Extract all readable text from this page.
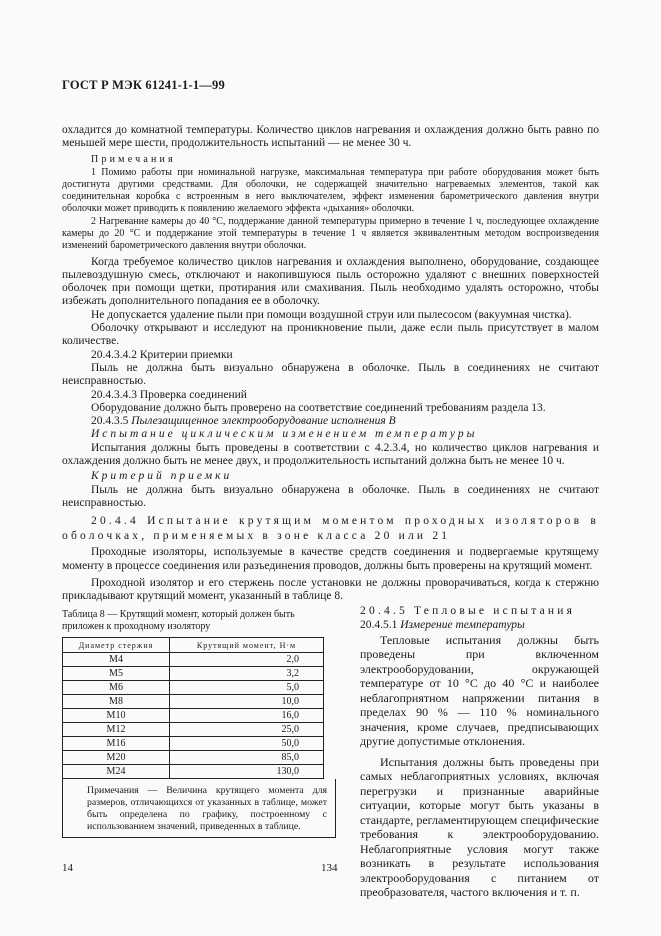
ГОСТ Р МЭК 61241-1-1—99

охладится до комнатной температуры. Количество циклов нагревания и охлаждения должно быть равно по меньшей мере шести, продолжительность испытаний — не менее 30 ч.

Примечания

1 Помимо работы при номинальной нагрузке, максимальная температура при работе оборудования может быть достигнута другими средствами. Для оболочки, не содержащей значительно нагреваемых элементов, такой как соединительная коробка с встроенным в него выключателем, эффект изменения барометрического давления внутри оболочки может приводить к появлению желаемого эффекта «дыхания» оболочки.

2 Нагревание камеры до 40 °С, поддержание данной температуры примерно в течение 1 ч, последующее охлаждение камеры до 20 °С и поддержание этой температуры в течение 1 ч является эквивалентным методом воспроизведения изменений барометрического давления внутри оболочки.

Когда требуемое количество циклов нагревания и охлаждения выполнено, оборудование, создающее пылевоздушную смесь, отключают и накопившуюся пыль осторожно удаляют с внешних поверхностей оболочек при помощи щетки, протирания или смахивания. Пыль необходимо удалять осторожно, чтобы избежать дополнительного попадания ее в оболочку.

Не допускается удаление пыли при помощи воздушной струи или пылесосом (вакуумная чистка).

Оболочку открывают и исследуют на проникновение пыли, даже если пыль присутствует в малом количестве.

20.4.3.4.2 Критерии приемки

Пыль не должна быть визуально обнаружена в оболочке. Пыль в соединениях не считают неисправностью.

20.4.3.4.3 Проверка соединений

Оборудование должно быть проверено на соответствие соединений требованиям раздела 13.

20.4.3.5 Пылезащищенное электрооборудование исполнения В

Испытание циклическим изменением температуры

Испытания должны быть проведены в соответствии с 4.2.3.4, но количество циклов нагревания и охлаждения должно быть не менее двух, и продолжительность испытаний должна быть не менее 10 ч.

Критерий приемки

Пыль не должна быть визуально обнаружена в оболочке. Пыль в соединениях не считают неисправностью.

20.4.4 Испытание крутящим моментом проходных изоляторов в оболочках, применяемых в зоне класса 20 или 21

Проходные изоляторы, используемые в качестве средств соединения и подвергаемые крутящему моменту в процессе соединения или разъединения проводов, должны быть проверены на крутящий момент.

Проходной изолятор и его стержень после установки не должны проворачиваться, когда к стержню прикладывают крутящий момент, указанный в таблице 8.

Таблица 8 — Крутящий момент, который должен быть приложен к проходному изолятору

Диаметр стержня	Крутящий момент, Н·м
М4	2,0
М5	3,2
М6	5,0
М8	10,0
М10	16,0
М12	25,0
М16	50,0
М20	85,0
М24	130,0

Примечания — Величина крутящего момента для размеров, отличающихся от указанных в таблице, может быть определена по графику, построенному с использованием значений, приведенных в таблице.

20.4.5 Тепловые испытания

20.4.5.1 Измерение температуры

Тепловые испытания должны быть проведены при включенном электрооборудовании, окружающей температуре от 10 °С до 40 °С и наиболее неблагоприятном напряжении питания в пределах 90 % — 110 % номинального значения, кроме случаев, предписывающих другие допустимые отклонения.

Испытания должны быть проведены при самых неблагоприятных условиях, включая перегрузки и признанные аварийные ситуации, которые могут быть указаны в стандарте, регламентирующем специфические требования к электрооборудованию. Неблагоприятные условия могут также возникать в результате использования электрооборудования с питанием от преобразователя, частого включения и т. п.

14	134
